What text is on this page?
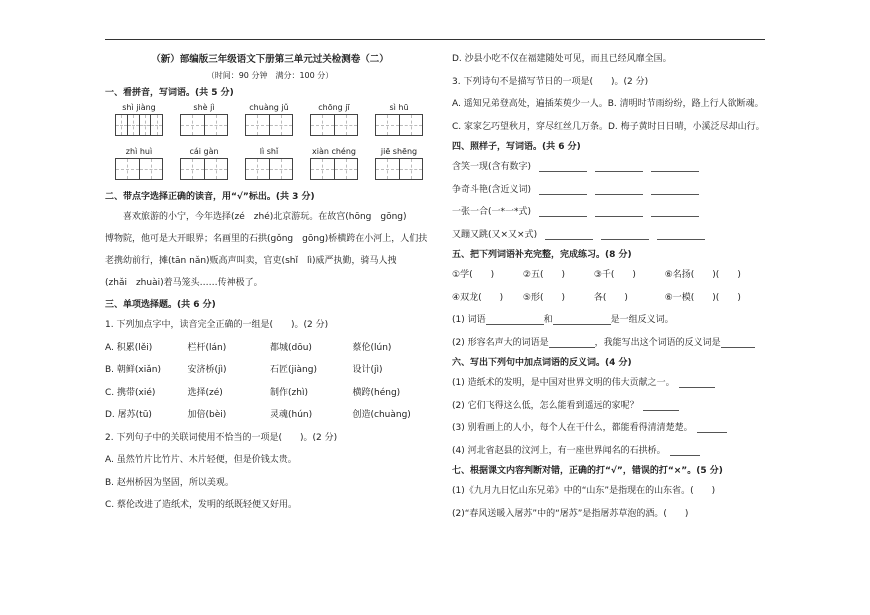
（新）部编版三年级语文下册第三单元过关检测卷（二）
（时间：90 分钟　满分：100 分）
一、看拼音，写词语。(共 5 分)
shì jiàng	shè jì	chuàng jǔ	chōng jī	sì hū
zhì huì	cái gàn	lì shǐ	xiàn chéng	jiē shēng
二、带点字选择正确的读音，用“√”标出。(共 3 分)
喜欢旅游的小宁，今年选择(zé　zhé)北京游玩。在故宫(hōng　gōng)
博物院，他可是大开眼界；名画里的石拱(gǒng　gōng)桥横跨在小河上，人们扶
老携幼前行，摊(tān nǎn)贩高声叫卖，官吏(shǐ　lì)威严执勤，骑马人拽
(zhǎi　zhuài)着马笼头……传神极了。
三、单项选择题。(共 6 分)
1. 下列加点字中，读音完全正确的一组是(　　)。(2 分)
A. 积累(lěi)	栏杆(lán)	都城(dōu)	蔡伦(lún)
B. 朝鲜(xiǎn)	安济桥(jì)	石匠(jiàng)	设计(jì)
C. 携带(xié)	选择(zé)	制作(zhì)	横跨(héng)
D. 屠苏(tū)	加倍(bèi)	灵魂(hún)	创造(chuàng)
2. 下列句子中的关联词使用不恰当的一项是(　　)。(2 分)
A. 虽然竹片比竹片、木片轻便，但是价钱太贵。
B. 赵州桥因为坚固，所以美观。
C. 蔡伦改进了造纸术，发明的纸既轻便又好用。
D. 沙县小吃不仅在福建随处可见，而且已经风靡全国。
3. 下列诗句不是描写节日的一项是(　　)。(2 分)
A. 遥知兄弟登高处，遍插茱萸少一人。B. 清明时节雨纷纷，路上行人欲断魂。
C. 家家乞巧望秋月，穿尽红丝几万条。D. 梅子黄时日日晴，小溪泛尽却山行。
四、照样子，写词语。(共 6 分)
含笑一现(含有数字)
争奇斗艳(含近义词)
一张一合(一*一*式)
又蹦又跳(又×又×式)
五、把下列词语补充完整，完成练习。(8 分)
①学(　　)	②五(　　)	③千(　　)	⑥名扬(　　)(　　)
④双龙(　　)	⑤形(　　)	各(　　)	⑥一模(　　)(　　)
(1) 词语	和	是一组反义词。
(2) 形容名声大的词语是	，我能写出这个词语的反义词是
六、写出下列句中加点词语的反义词。(4 分)
(1) 造纸术的发明，是中国对世界文明的伟大贡献之一。
(2) 它们飞得这么低，怎么能看到遥远的家呢？
(3) 别看画上的人小，每个人在干什么，都能看得清清楚楚。
(4) 河北省赵县的汶河上，有一座世界闻名的石拱桥。
七、根据课文内容判断对错，正确的打“√”，错误的打“×”。(5 分)
(1)《九月九日忆山东兄弟》中的“山东”是指现在的山东省。(　　)
(2)“春风送暖入屠苏”中的“屠苏”是指屠苏草泡的酒。(　　)
